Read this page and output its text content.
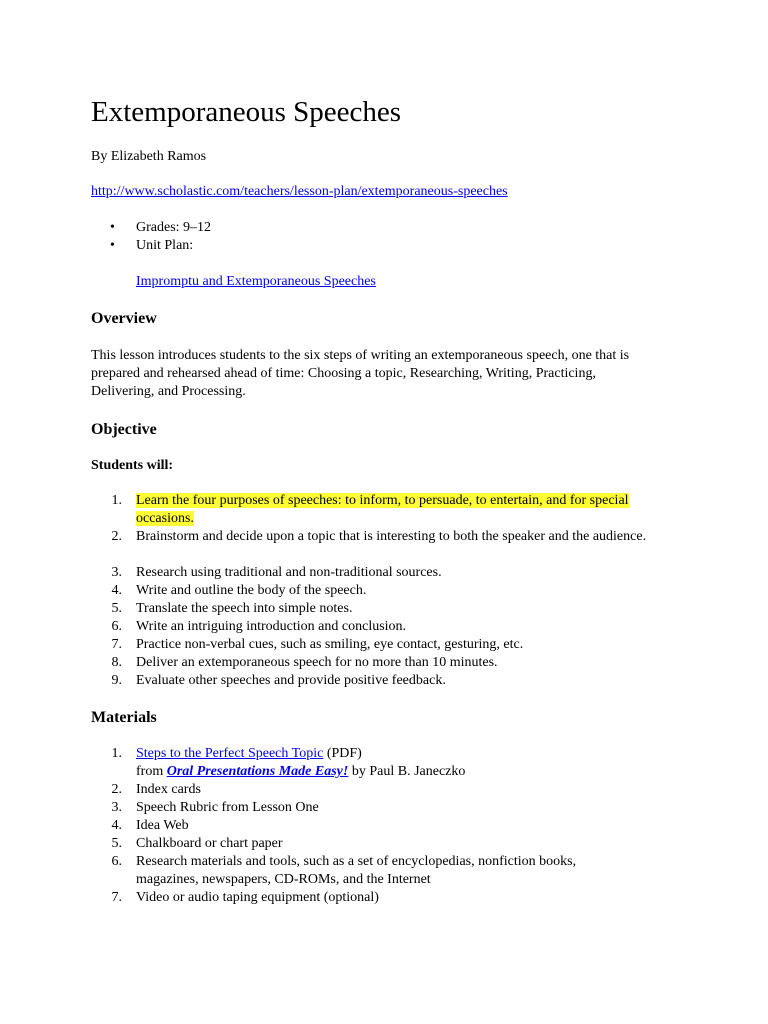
Extemporaneous Speeches
By Elizabeth Ramos
http://www.scholastic.com/teachers/lesson-plan/extemporaneous-speeches
•	Grades: 9–12
•	Unit Plan:
Impromptu and Extemporaneous Speeches
Overview

This lesson introduces students to the six steps of writing an extemporaneous speech, one that is prepared and rehearsed ahead of time: Choosing a topic, Researching, Writing, Practicing, Delivering, and Processing.

Objective
Students will:
1. Learn the four purposes of speeches: to inform, to persuade, to entertain, and for special occasions.
2. Brainstorm and decide upon a topic that is interesting to both the speaker and the audience.
3. Research using traditional and non-traditional sources.
4. Write and outline the body of the speech.
5. Translate the speech into simple notes.
6. Write an intriguing introduction and conclusion.
7. Practice non-verbal cues, such as smiling, eye contact, gesturing, etc.
8. Deliver an extemporaneous speech for no more than 10 minutes.
9. Evaluate other speeches and provide positive feedback.
Materials
1. Steps to the Perfect Speech Topic (PDF)
from Oral Presentations Made Easy! by Paul B. Janeczko
2. Index cards
3. Speech Rubric from Lesson One
4. Idea Web
5. Chalkboard or chart paper
6. Research materials and tools, such as a set of encyclopedias, nonfiction books, magazines, newspapers, CD-ROMs, and the Internet
7. Video or audio taping equipment (optional)
